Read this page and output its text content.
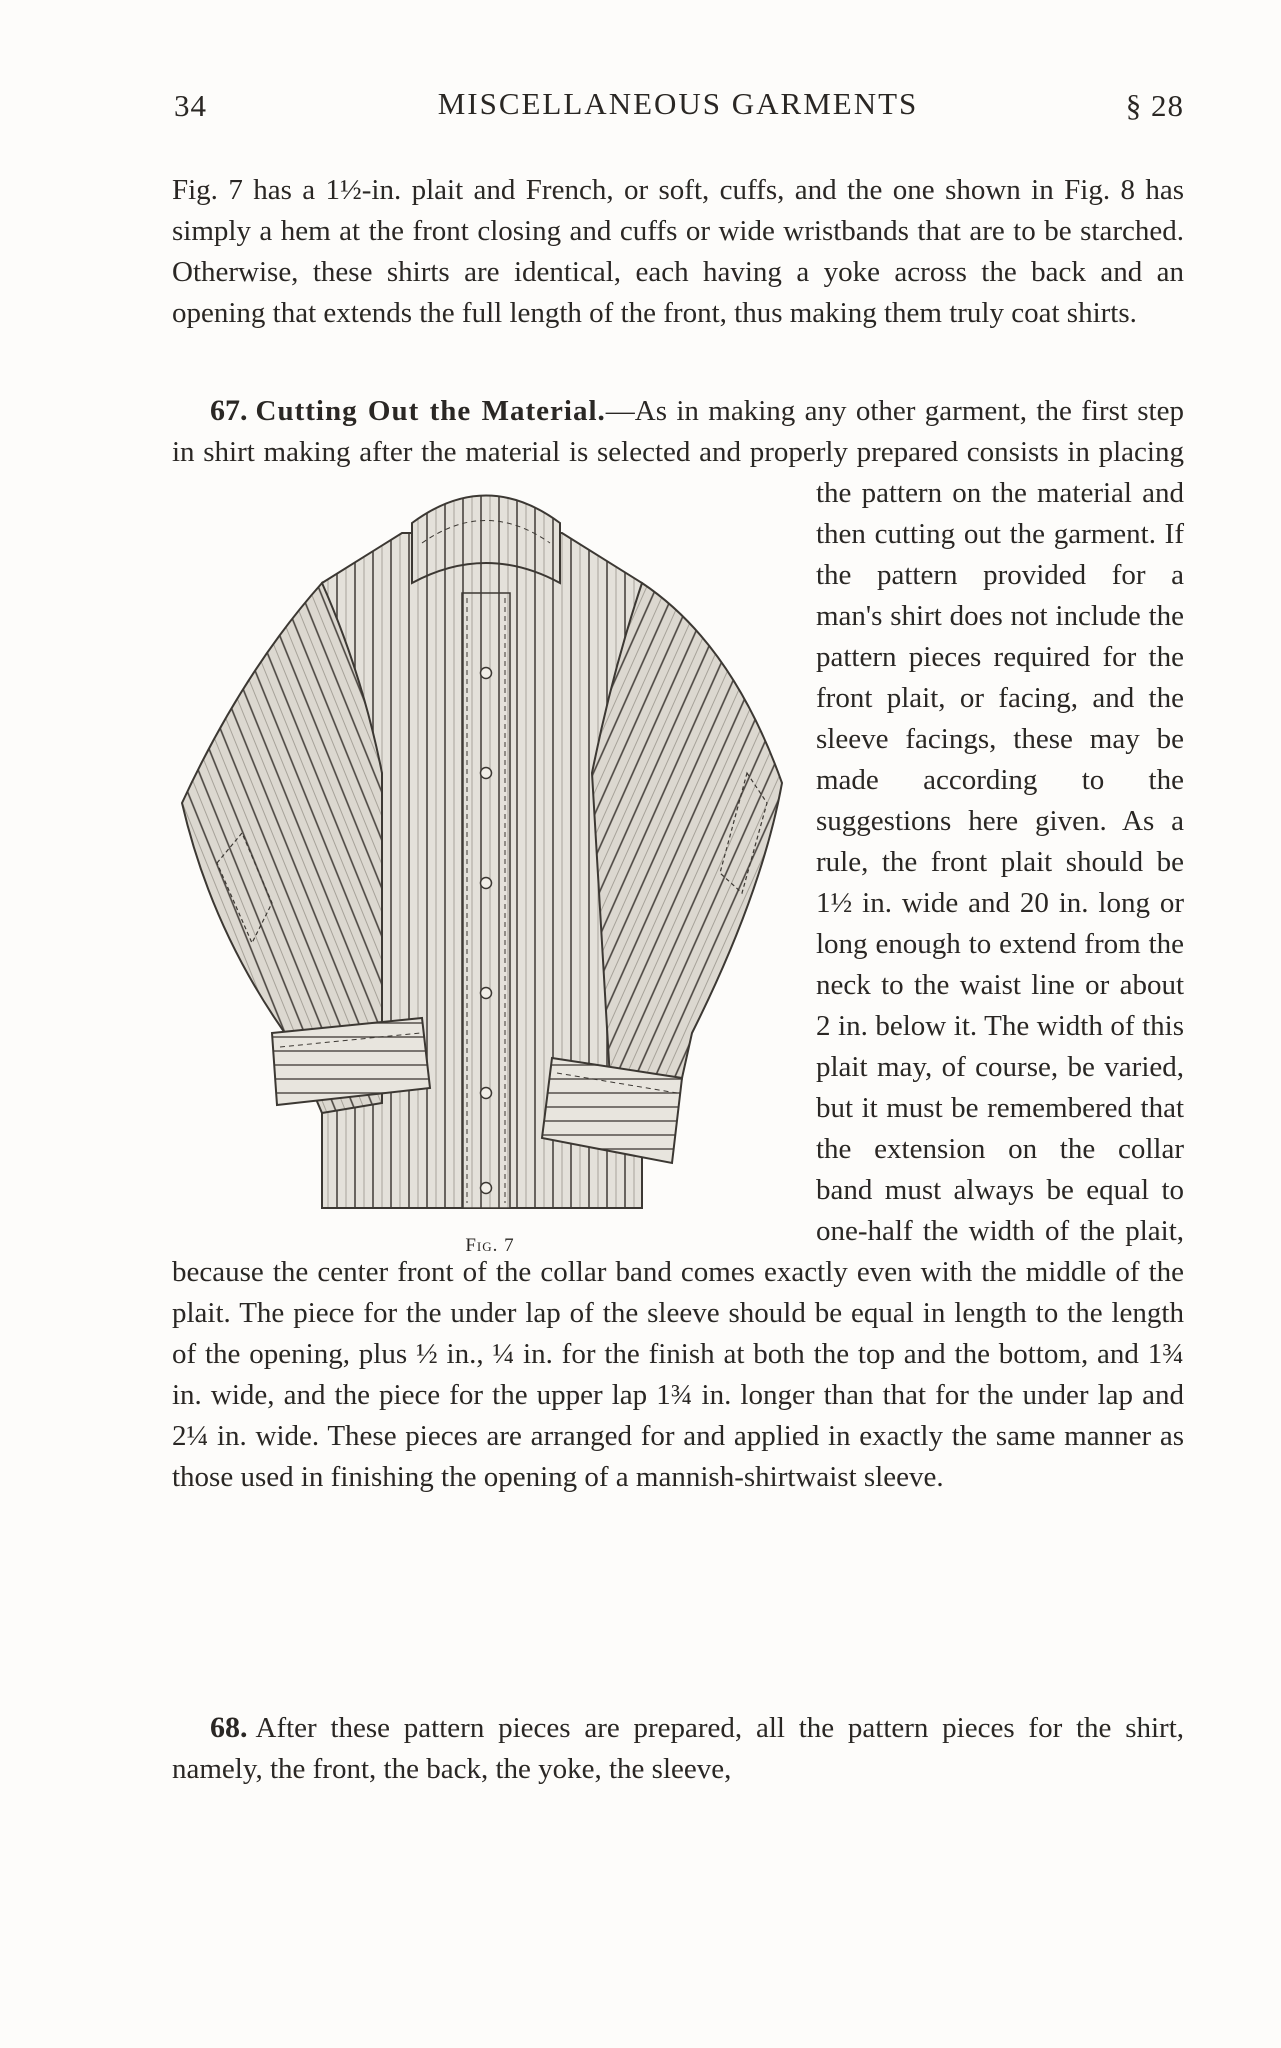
34	MISCELLANEOUS GARMENTS	§ 28
Fig. 7 has a 1½-in. plait and French, or soft, cuffs, and the one shown in Fig. 8 has simply a hem at the front closing and cuffs or wide wristbands that are to be starched. Otherwise, these shirts are identical, each having a yoke across the back and an opening that extends the full length of the front, thus making them truly coat shirts.
67. Cutting Out the Material.—As in making any other garment, the first step in shirt making after the material is selected and properly prepared consists in placing the pattern on the material
Fig. 7
and then cutting out the garment. If the pattern provided for a man's shirt does not include the pattern pieces required for the front plait, or facing, and the sleeve facings, these may be made according to the suggestions here given. As a rule, the front plait should be 1½ in. wide and 20 in. long or long enough to extend from the neck to the waist line or about 2 in. below it. The width of this plait may, of course, be varied, but it must be remembered that the extension on the collar band must always be equal to one-half the width of the plait, because the center front of the collar band comes exactly even with the middle of the plait. The piece for the under lap of the sleeve should be equal in length to the length of the opening, plus ½ in., ¼ in. for the finish at both the top and the bottom, and 1¾ in. wide, and the piece for the upper lap 1¾ in. longer than that for the under lap and 2¼ in. wide. These pieces are arranged for and applied in exactly the same manner as those used in finishing the opening of a mannish-shirtwaist sleeve.
68. After these pattern pieces are prepared, all the pattern pieces for the shirt, namely, the front, the back, the yoke, the sleeve,
